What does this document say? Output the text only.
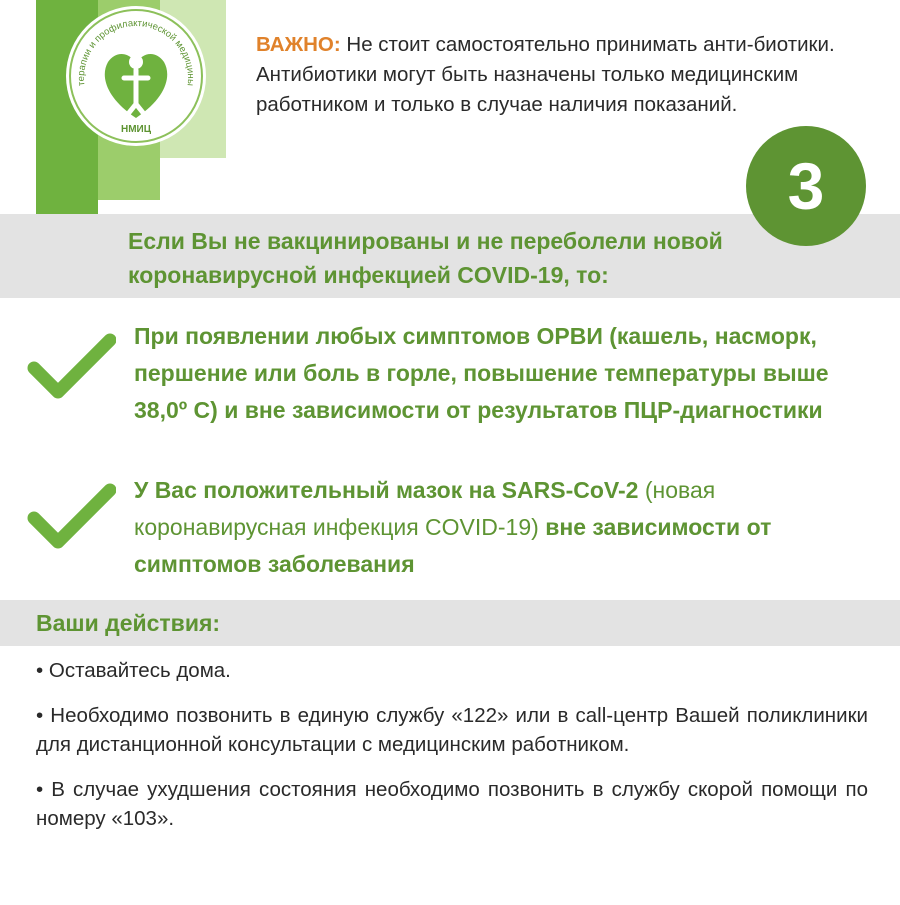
терапии и профилактической медицины
НМИЦ

ВАЖНО: Не стоит самостоятельно принимать анти-биотики. Антибиотики могут быть назначены только медицинским работником и только в случае наличия показаний.

Если Вы не вакцинированы и не переболели новой коронавирусной инфекцией COVID-19, то:

3

При появлении любых симптомов ОРВИ (кашель, насморк, першение или боль в горле, повышение температуры выше 38,0º С) и вне зависимости от результатов ПЦР-диагностики

У Вас положительный мазок на SARS-CoV-2 (новая коронавирусная инфекция COVID-19) вне зависимости от симптомов заболевания

Ваши действия:

• Оставайтесь дома.
• Необходимо позвонить в единую службу «122» или в call-центр Вашей поликлиники для дистанционной консультации с медицинским работником.
• В случае ухудшения состояния необходимо позвонить в службу скорой помощи по номеру «103».
